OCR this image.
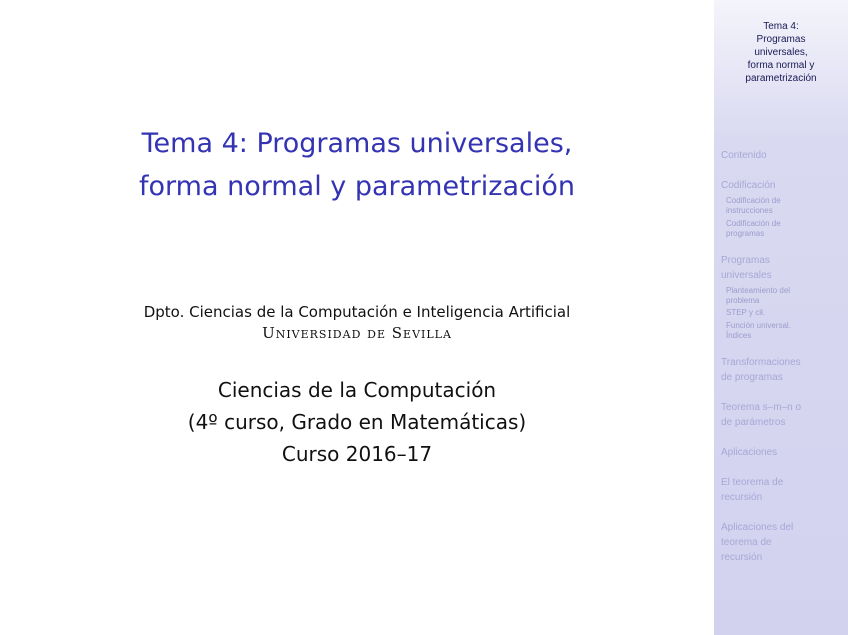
Tema 4: Programas universales,
forma normal y parametrización
Dpto. Ciencias de la Computación e Inteligencia Artificial
Universidad de Sevilla
Ciencias de la Computación
(4º curso, Grado en Matemáticas)
Curso 2016–17
Tema 4:
Programas
universales,
forma normal y
parametrización
Contenido
Codificación
Codificación de
instrucciones
Codificación de
programas
Programas
universales
Planteamiento del
problema
STEP y cił.
Función universal.
Índices
Transformaciones
de programas
Teorema s–m–n o
de parámetros
Aplicaciones
El teorema de
recursión
Aplicaciones del
teorema de
recursión
